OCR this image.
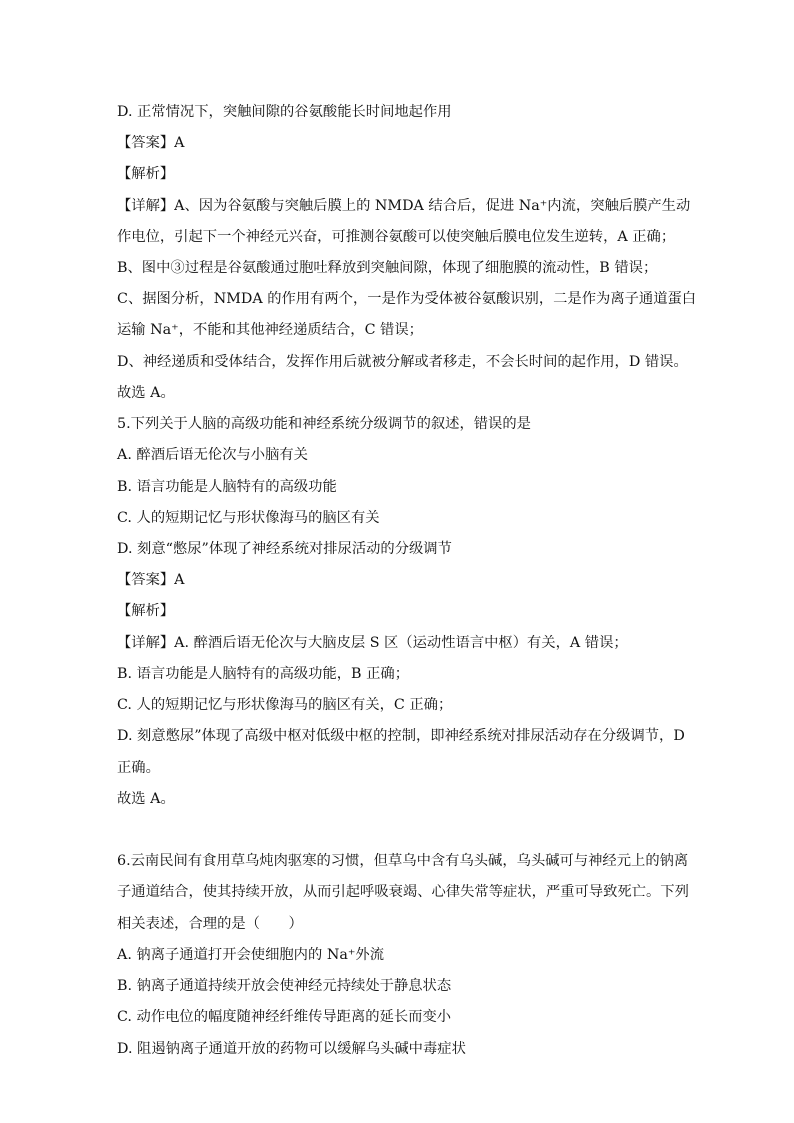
D. 正常情况下，突触间隙的谷氨酸能长时间地起作用
【答案】A
【解析】
【详解】A、因为谷氨酸与突触后膜上的 NMDA 结合后，促进 Na⁺内流，突触后膜产生动
作电位，引起下一个神经元兴奋，可推测谷氨酸可以使突触后膜电位发生逆转，A 正确；
B、图中③过程是谷氨酸通过胞吐释放到突触间隙，体现了细胞膜的流动性，B 错误；
C、据图分析，NMDA 的作用有两个，一是作为受体被谷氨酸识别，二是作为离子通道蛋白
运输 Na⁺，不能和其他神经递质结合，C 错误；
D、神经递质和受体结合，发挥作用后就被分解或者移走，不会长时间的起作用，D 错误。
故选 A。
5.下列关于人脑的高级功能和神经系统分级调节的叙述，错误的是
A. 醉酒后语无伦次与小脑有关
B. 语言功能是人脑特有的高级功能
C. 人的短期记忆与形状像海马的脑区有关
D. 刻意“憋尿”体现了神经系统对排尿活动的分级调节
【答案】A
【解析】
【详解】A. 醉酒后语无伦次与大脑皮层 S 区（运动性语言中枢）有关，A 错误；
B. 语言功能是人脑特有的高级功能，B 正确；
C. 人的短期记忆与形状像海马的脑区有关，C 正确；
D. 刻意憋尿”体现了高级中枢对低级中枢的控制，即神经系统对排尿活动存在分级调节，D
正确。
故选 A。
6.云南民间有食用草乌炖肉驱寒的习惯，但草乌中含有乌头碱，乌头碱可与神经元上的钠离
子通道结合，使其持续开放，从而引起呼吸衰竭、心律失常等症状，严重可导致死亡。下列
相关表述，合理的是（　　）
A. 钠离子通道打开会使细胞内的 Na⁺外流
B. 钠离子通道持续开放会使神经元持续处于静息状态
C. 动作电位的幅度随神经纤维传导距离的延长而变小
D. 阻遏钠离子通道开放的药物可以缓解乌头碱中毒症状
